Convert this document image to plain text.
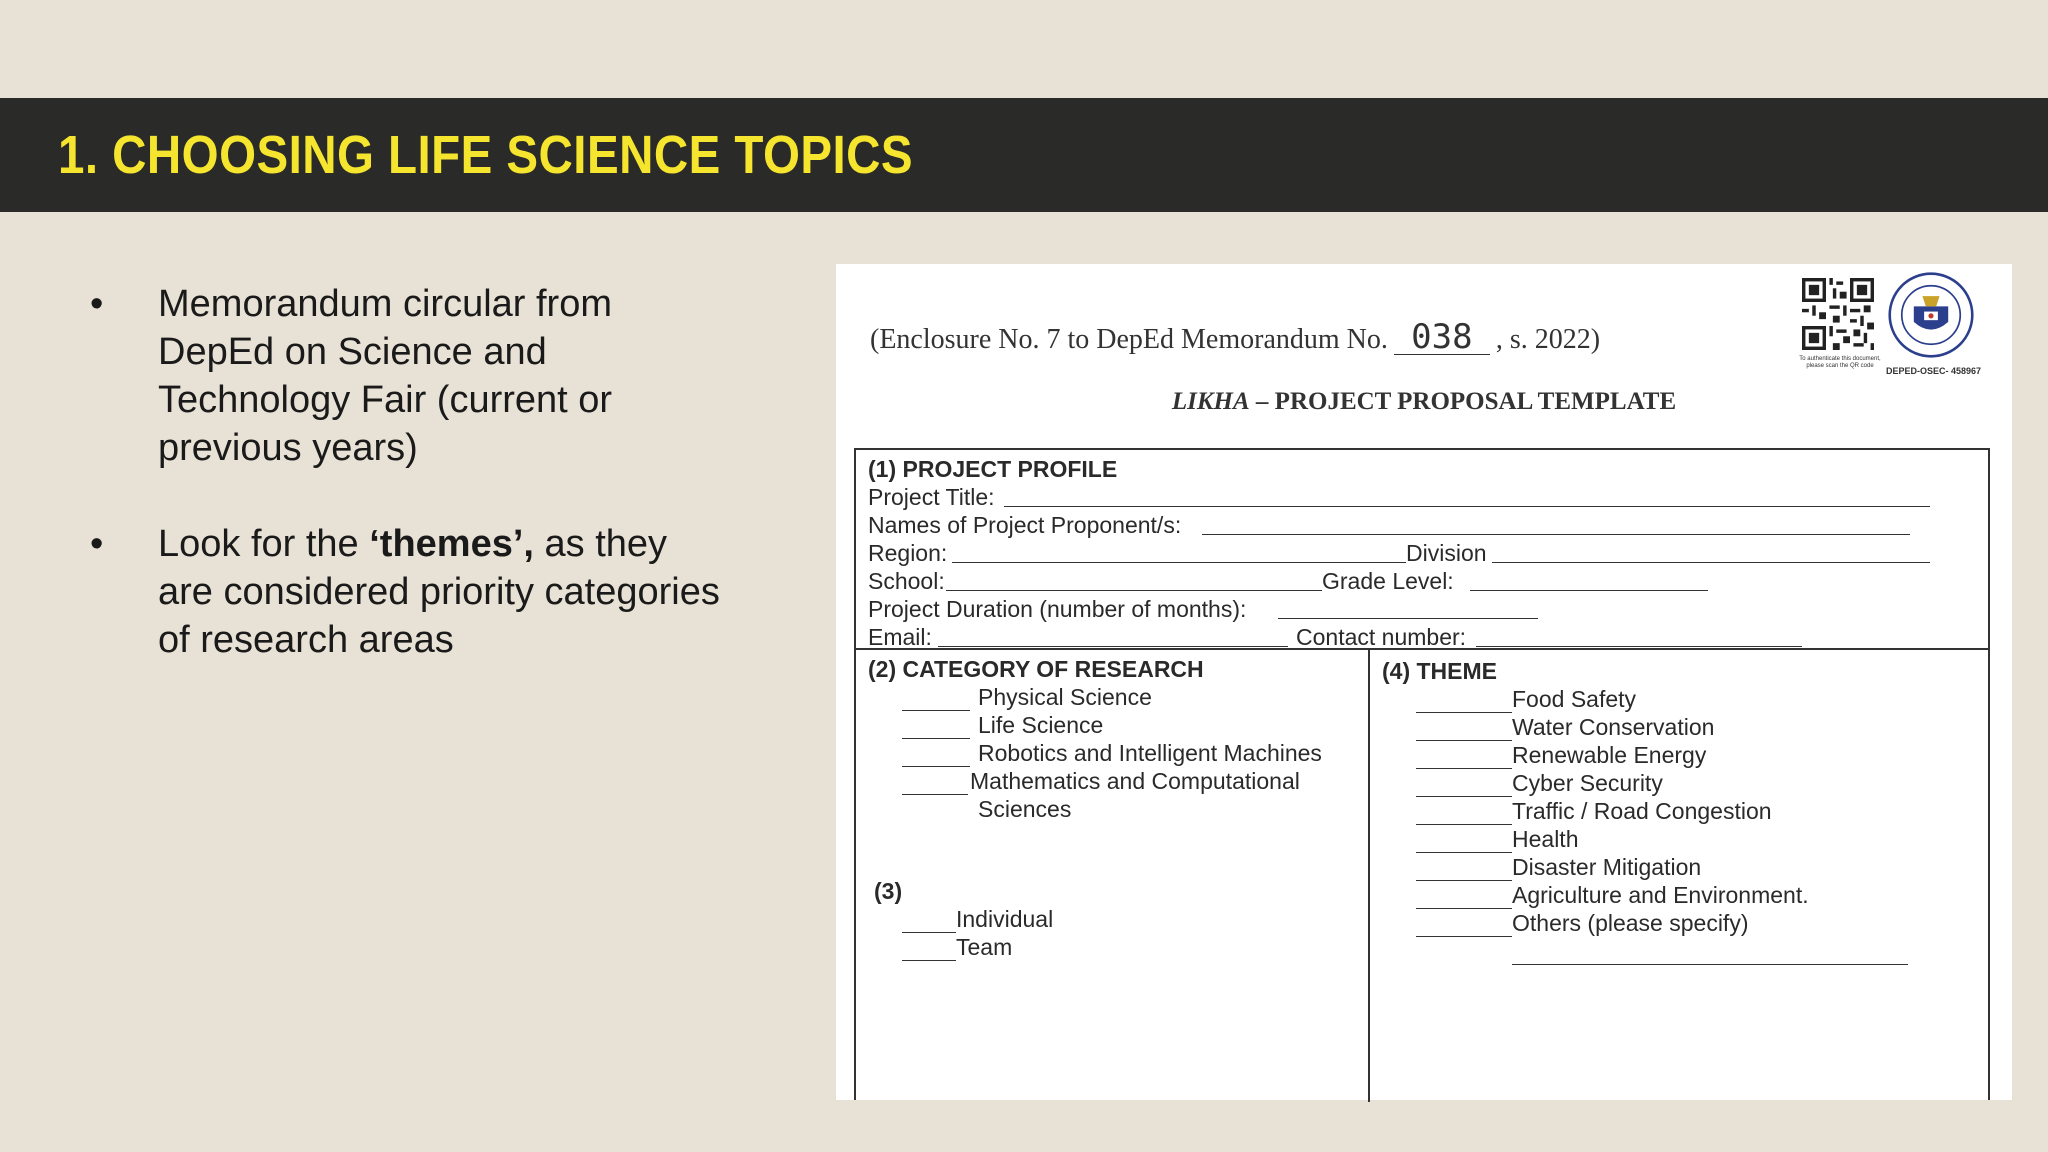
1. CHOOSING LIFE SCIENCE TOPICS
• Memorandum circular from DepEd on Science and Technology Fair (current or previous years)
• Look for the ‘themes’, as they are considered priority categories of research areas
(Enclosure No. 7 to DepEd Memorandum No. 038 , s. 2022)
To authenticate this document, please scan the QR code	DEPED-OSEC- 458967
LIKHA – PROJECT PROPOSAL TEMPLATE
(1) PROJECT PROFILE
Project Title:
Names of Project Proponent/s:
Region:	Division
School:	Grade Level:
Project Duration (number of months):
Email:	Contact number:
(2) CATEGORY OF RESEARCH
Physical Science
Life Science
Robotics and Intelligent Machines
Mathematics and Computational
Sciences
(3)
Individual
Team
(4) THEME
Food Safety
Water Conservation
Renewable Energy
Cyber Security
Traffic / Road Congestion
Health
Disaster Mitigation
Agriculture and Environment.
Others (please specify)
